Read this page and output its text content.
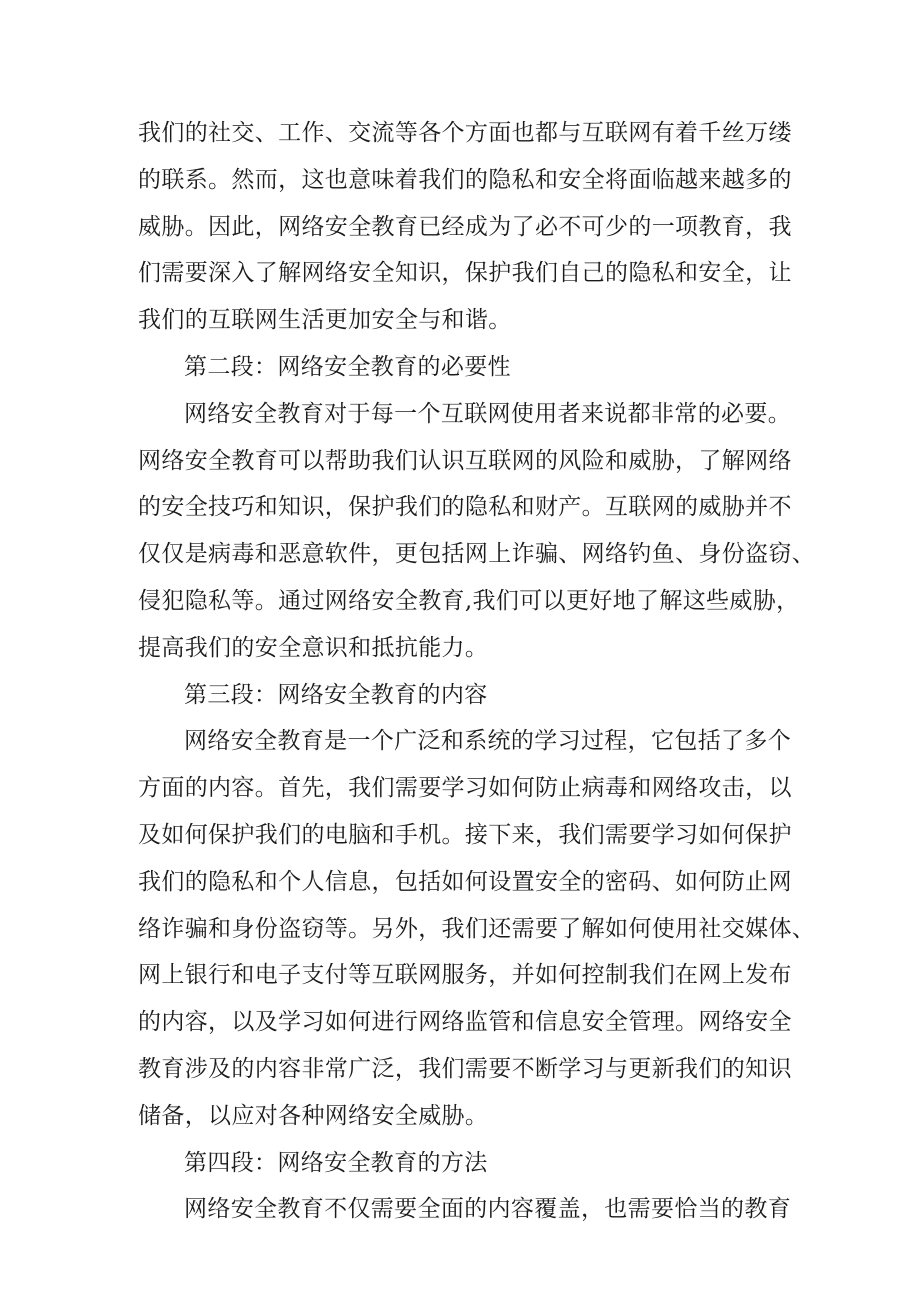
我们的社交、工作、交流等各个方面也都与互联网有着千丝万缕
的联系。然而，这也意味着我们的隐私和安全将面临越来越多的
威胁。因此，网络安全教育已经成为了必不可少的一项教育，我
们需要深入了解网络安全知识，保护我们自己的隐私和安全，让
我们的互联网生活更加安全与和谐。
第二段：网络安全教育的必要性
网络安全教育对于每一个互联网使用者来说都非常的必要。
网络安全教育可以帮助我们认识互联网的风险和威胁，了解网络
的安全技巧和知识，保护我们的隐私和财产。互联网的威胁并不
仅仅是病毒和恶意软件，更包括网上诈骗、网络钓鱼、身份盗窃、
侵犯隐私等。通过网络安全教育,我们可以更好地了解这些威胁，
提高我们的安全意识和抵抗能力。
第三段：网络安全教育的内容
网络安全教育是一个广泛和系统的学习过程，它包括了多个
方面的内容。首先，我们需要学习如何防止病毒和网络攻击，以
及如何保护我们的电脑和手机。接下来，我们需要学习如何保护
我们的隐私和个人信息，包括如何设置安全的密码、如何防止网
络诈骗和身份盗窃等。另外，我们还需要了解如何使用社交媒体、
网上银行和电子支付等互联网服务，并如何控制我们在网上发布
的内容，以及学习如何进行网络监管和信息安全管理。网络安全
教育涉及的内容非常广泛，我们需要不断学习与更新我们的知识
储备，以应对各种网络安全威胁。
第四段：网络安全教育的方法
网络安全教育不仅需要全面的内容覆盖，也需要恰当的教育
